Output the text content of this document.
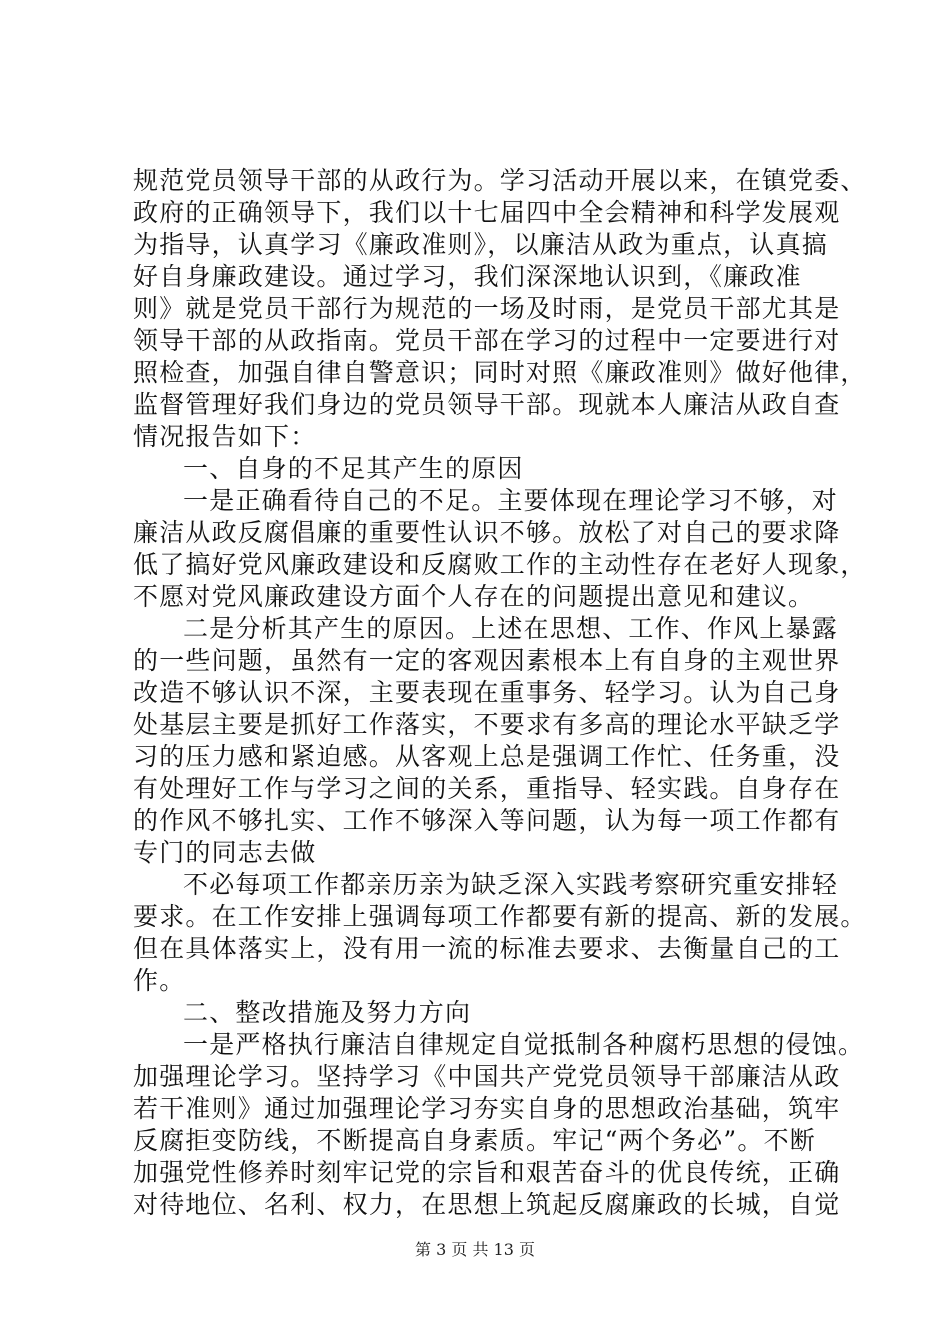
规范党员领导干部的从政行为。学习活动开展以来，在镇党委、
政府的正确领导下，我们以十七届四中全会精神和科学发展观
为指导，认真学习《廉政准则》，以廉洁从政为重点，认真搞
好自身廉政建设。通过学习，我们深深地认识到，《廉政准
则》就是党员干部行为规范的一场及时雨，是党员干部尤其是
领导干部的从政指南。党员干部在学习的过程中一定要进行对
照检查，加强自律自警意识；同时对照《廉政准则》做好他律，
监督管理好我们身边的党员领导干部。现就本人廉洁从政自查
情况报告如下：
一、自身的不足其产生的原因
一是正确看待自己的不足。主要体现在理论学习不够，对
廉洁从政反腐倡廉的重要性认识不够。放松了对自己的要求降
低了搞好党风廉政建设和反腐败工作的主动性存在老好人现象，
不愿对党风廉政建设方面个人存在的问题提出意见和建议。
二是分析其产生的原因。上述在思想、工作、作风上暴露
的一些问题，虽然有一定的客观因素根本上有自身的主观世界
改造不够认识不深，主要表现在重事务、轻学习。认为自己身
处基层主要是抓好工作落实，不要求有多高的理论水平缺乏学
习的压力感和紧迫感。从客观上总是强调工作忙、任务重，没
有处理好工作与学习之间的关系，重指导、轻实践。自身存在
的作风不够扎实、工作不够深入等问题，认为每一项工作都有
专门的同志去做
不必每项工作都亲历亲为缺乏深入实践考察研究重安排轻
要求。在工作安排上强调每项工作都要有新的提高、新的发展。
但在具体落实上，没有用一流的标准去要求、去衡量自己的工
作。
二、整改措施及努力方向
一是严格执行廉洁自律规定自觉抵制各种腐朽思想的侵蚀。
加强理论学习。坚持学习《中国共产党党员领导干部廉洁从政
若干准则》通过加强理论学习夯实自身的思想政治基础，筑牢
反腐拒变防线，不断提高自身素质。牢记“两个务必”。不断
加强党性修养时刻牢记党的宗旨和艰苦奋斗的优良传统，正确
对待地位、名利、权力，在思想上筑起反腐廉政的长城，自觉
第 3 页 共 13 页
